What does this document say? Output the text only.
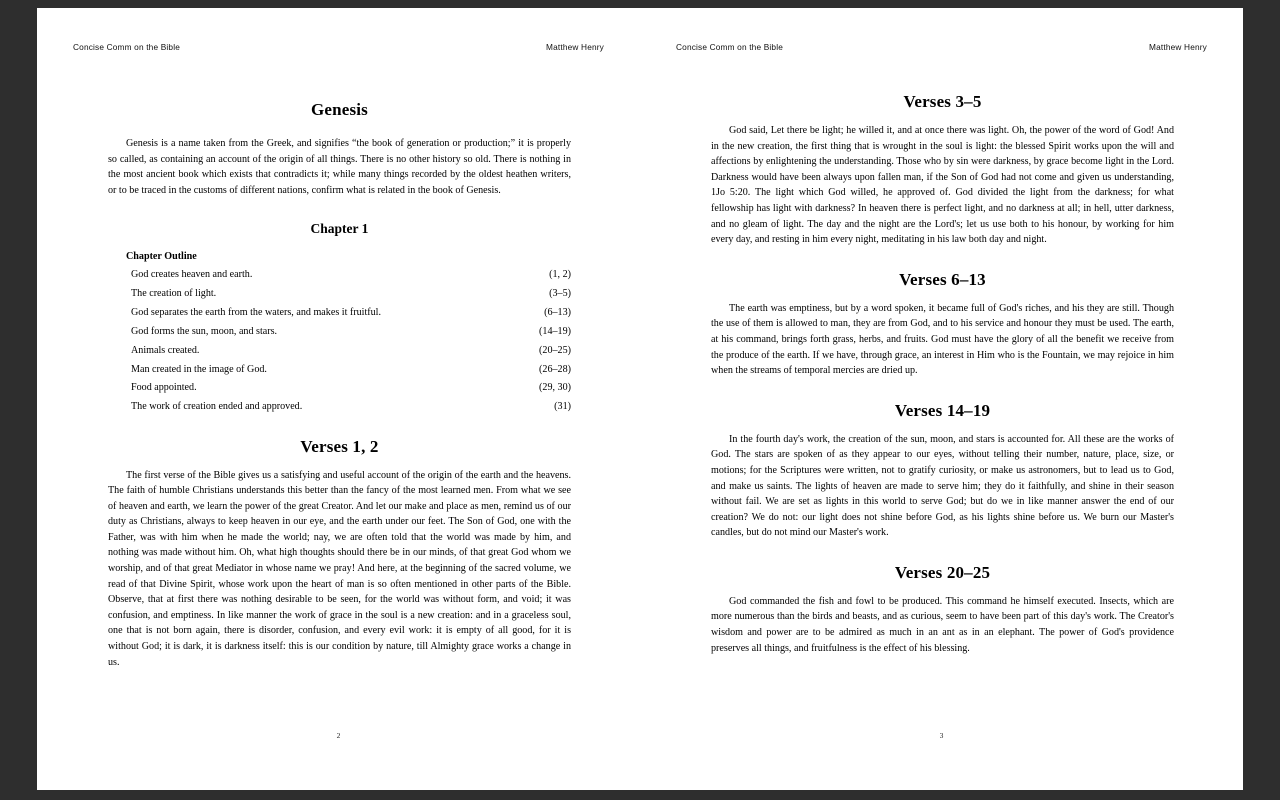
Concise Comm on the Bible	Matthew Henry
Genesis

Genesis is a name taken from the Greek, and signifies “the book of generation or production;” it is properly so called, as containing an account of the origin of all things. There is no other history so old. There is nothing in the most ancient book which exists that contradicts it; while many things recorded by the oldest heathen writers, or to be traced in the customs of different nations, confirm what is related in the book of Genesis.

Chapter 1
Chapter Outline
God creates heaven and earth.	(1, 2)
The creation of light.	(3–5)
God separates the earth from the waters, and makes it fruitful.	(6–13)
God forms the sun, moon, and stars.	(14–19)
Animals created.	(20–25)
Man created in the image of God.	(26–28)
Food appointed.	(29, 30)
The work of creation ended and approved.	(31)
Verses 1, 2

The first verse of the Bible gives us a satisfying and useful account of the origin of the earth and the heavens. The faith of humble Christians understands this better than the fancy of the most learned men. From what we see of heaven and earth, we learn the power of the great Creator. And let our make and place as men, remind us of our duty as Christians, always to keep heaven in our eye, and the earth under our feet. The Son of God, one with the Father, was with him when he made the world; nay, we are often told that the world was made by him, and nothing was made without him. Oh, what high thoughts should there be in our minds, of that great God whom we worship, and of that great Mediator in whose name we pray! And here, at the beginning of the sacred volume, we read of that Divine Spirit, whose work upon the heart of man is so often mentioned in other parts of the Bible. Observe, that at first there was nothing desirable to be seen, for the world was without form, and void; it was confusion, and emptiness. In like manner the work of grace in the soul is a new creation: and in a graceless soul, one that is not born again, there is disorder, confusion, and every evil work: it is empty of all good, for it is without God; it is dark, it is darkness itself: this is our condition by nature, till Almighty grace works a change in us.

2
Concise Comm on the Bible	Matthew Henry
Verses 3–5

God said, Let there be light; he willed it, and at once there was light. Oh, the power of the word of God! And in the new creation, the first thing that is wrought in the soul is light: the blessed Spirit works upon the will and affections by enlightening the understanding. Those who by sin were darkness, by grace become light in the Lord. Darkness would have been always upon fallen man, if the Son of God had not come and given us understanding, 1Jo 5:20. The light which God willed, he approved of. God divided the light from the darkness; for what fellowship has light with darkness? In heaven there is perfect light, and no darkness at all; in hell, utter darkness, and no gleam of light. The day and the night are the Lord's; let us use both to his honour, by working for him every day, and resting in him every night, meditating in his law both day and night.

Verses 6–13

The earth was emptiness, but by a word spoken, it became full of God's riches, and his they are still. Though the use of them is allowed to man, they are from God, and to his service and honour they must be used. The earth, at his command, brings forth grass, herbs, and fruits. God must have the glory of all the benefit we receive from the produce of the earth. If we have, through grace, an interest in Him who is the Fountain, we may rejoice in him when the streams of temporal mercies are dried up.

Verses 14–19

In the fourth day's work, the creation of the sun, moon, and stars is accounted for. All these are the works of God. The stars are spoken of as they appear to our eyes, without telling their number, nature, place, size, or motions; for the Scriptures were written, not to gratify curiosity, or make us astronomers, but to lead us to God, and make us saints. The lights of heaven are made to serve him; they do it faithfully, and shine in their season without fail. We are set as lights in this world to serve God; but do we in like manner answer the end of our creation? We do not: our light does not shine before God, as his lights shine before us. We burn our Master's candles, but do not mind our Master's work.

Verses 20–25

God commanded the fish and fowl to be produced. This command he himself executed. Insects, which are more numerous than the birds and beasts, and as curious, seem to have been part of this day's work. The Creator's wisdom and power are to be admired as much in an ant as in an elephant. The power of God's providence preserves all things, and fruitfulness is the effect of his blessing.

3
